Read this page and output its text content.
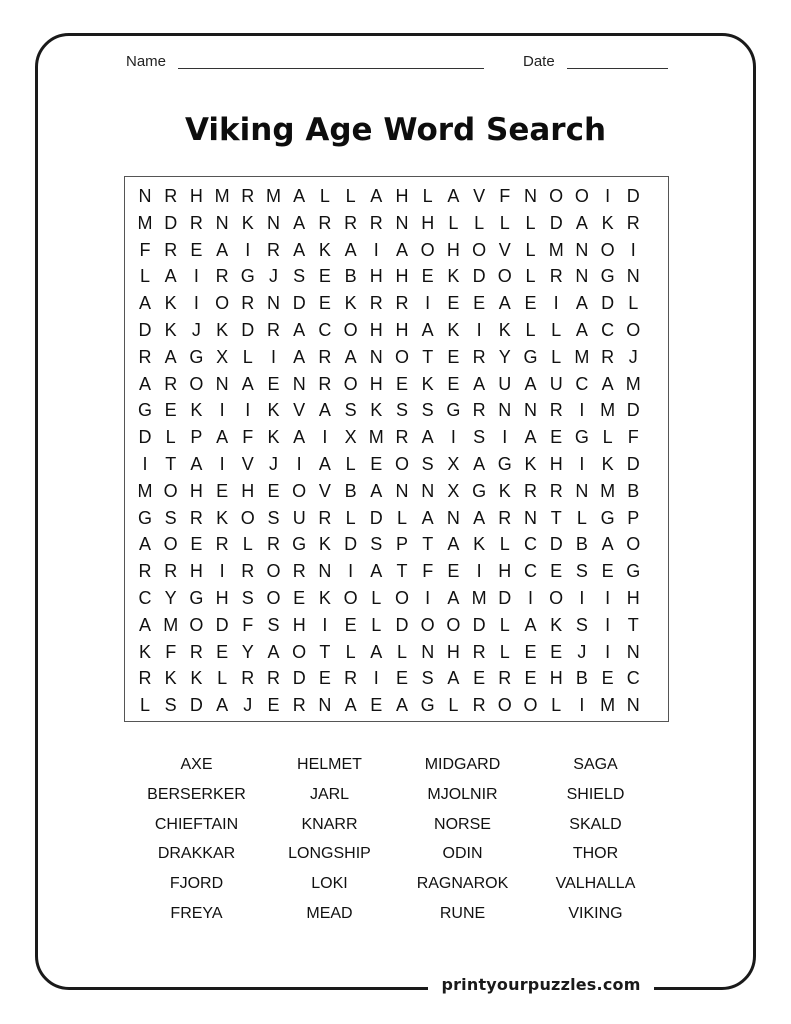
Name	Date
Viking Age Word Search
N R H M R M A L L A H L A V F N O O I D
M D R N K N A R R R N H L L L L D A K R
F R E A I R A K A I A O H O V L M N O I
L A I R G J S E B H H E K D O L R N G N
A K I O R N D E K R R I E E A E I A D L
D K J K D R A C O H H A K I K L L A C O
R A G X L	I A R A N O T E R Y G L M R J
A R O N A E N R O H E K E A U A U C A M
G E K I	I K V A S K S S G R N N R I M D
D L P A F K A I X M R A I S I A E G L F
I T A I V J	I A L E O S X A G K H I K D
M O H E H E O V B A N N X G K R R N M B
G S R K O S U R L D L A N A R N T L G P
A O E R L R G K D S P T A K L C D B A O
R R H I R O R N I A T F E I H C E S E G
C Y G H S O E K O L O I A M D I O I	I H
A M O D F S H I E L D O O D L A K S I T
K F R E Y A O T L A L N H R L E E J	I N
R K K L R R D E R I E S A E R E H B E C
L S D A J E R N A E A G L R O O L	I M N
AXE	HELMET	MIDGARD	SAGA
BERSERKER	JARL	MJOLNIR	SHIELD
CHIEFTAIN	KNARR	NORSE	SKALD
DRAKKAR	LONGSHIP	ODIN	THOR
FJORD	LOKI	RAGNAROK	VALHALLA
FREYA	MEAD	RUNE	VIKING
printyourpuzzles.com
